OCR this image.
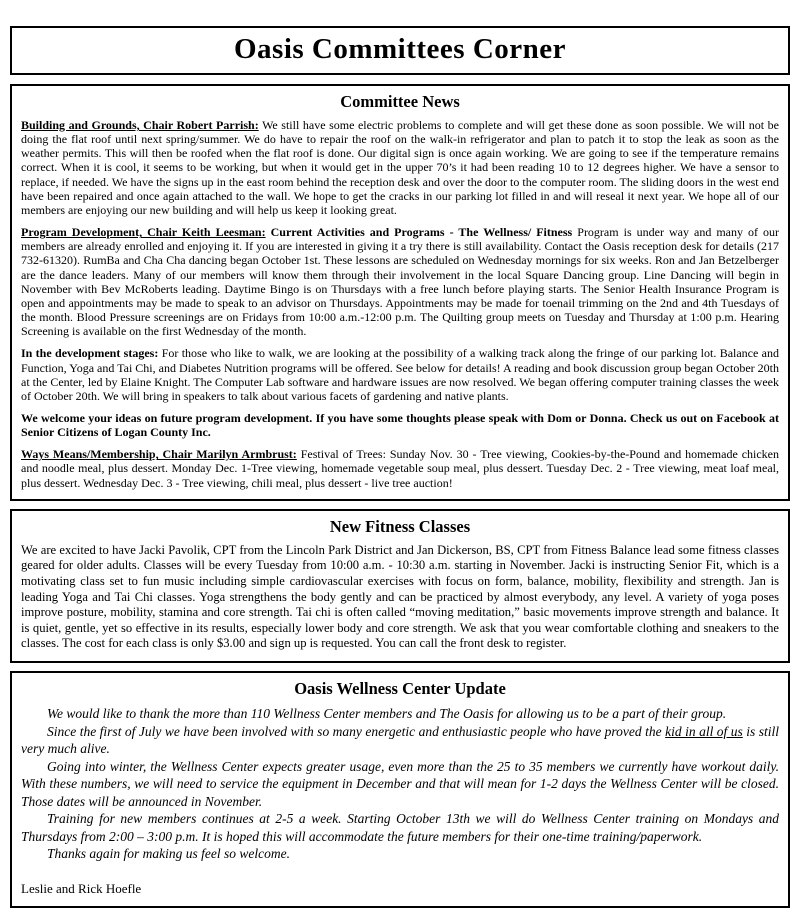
Oasis Committees Corner
Committee News

Building and Grounds, Chair Robert Parrish: We still have some electric problems to complete and will get these done as soon possible. We will not be doing the flat roof until next spring/summer. We do have to repair the roof on the walk-in refrigerator and plan to patch it to stop the leak as soon as the weather permits. This will then be roofed when the flat roof is done. Our digital sign is once again working. We are going to see if the temperature remains correct. When it is cool, it seems to be working, but when it would get in the upper 70’s it had been reading 10 to 12 degrees higher. We have a sensor to replace, if needed. We have the signs up in the east room behind the reception desk and over the door to the computer room. The sliding doors in the west end have been repaired and once again attached to the wall. We hope to get the cracks in our parking lot filled in and will reseal it next year. We hope all of our members are enjoying our new building and will help us keep it looking great.

Program Development, Chair Keith Leesman: Current Activities and Programs - The Wellness/ Fitness Program is under way and many of our members are already enrolled and enjoying it. If you are interested in giving it a try there is still availability. Contact the Oasis reception desk for details (217 732-61320). RumBa and Cha Cha dancing began October 1st. These lessons are scheduled on Wednesday mornings for six weeks. Ron and Jan Betzelberger are the dance leaders. Many of our members will know them through their involvement in the local Square Dancing group. Line Dancing will begin in November with Bev McRoberts leading. Daytime Bingo is on Thursdays with a free lunch before playing starts. The Senior Health Insurance Program is open and appointments may be made to speak to an advisor on Thursdays. Appointments may be made for toenail trimming on the 2nd and 4th Tuesdays of the month. Blood Pressure screenings are on Fridays from 10:00 a.m.-12:00 p.m. The Quilting group meets on Tuesday and Thursday at 1:00 p.m. Hearing Screening is available on the first Wednesday of the month.

In the development stages: For those who like to walk, we are looking at the possibility of a walking track along the fringe of our parking lot. Balance and Function, Yoga and Tai Chi, and Diabetes Nutrition programs will be offered. See below for details! A reading and book discussion group began October 20th at the Center, led by Elaine Knight. The Computer Lab software and hardware issues are now resolved. We began offering computer training classes the week of October 20th. We will bring in speakers to talk about various facets of gardening and native plants.

We welcome your ideas on future program development. If you have some thoughts please speak with Dom or Donna. Check us out on Facebook at Senior Citizens of Logan County Inc.

Ways Means/Membership, Chair Marilyn Armbrust: Festival of Trees: Sunday Nov. 30 - Tree viewing, Cookies-by-the-Pound and homemade chicken and noodle meal, plus dessert. Monday Dec. 1-Tree viewing, homemade vegetable soup meal, plus dessert. Tuesday Dec. 2 - Tree viewing, meat loaf meal, plus dessert. Wednesday Dec. 3 - Tree viewing, chili meal, plus dessert - live tree auction!

New Fitness Classes

We are excited to have Jacki Pavolik, CPT from the Lincoln Park District and Jan Dickerson, BS, CPT from Fitness Balance lead some fitness classes geared for older adults. Classes will be every Tuesday from 10:00 a.m. - 10:30 a.m. starting in November. Jacki is instructing Senior Fit, which is a motivating class set to fun music including simple cardiovascular exercises with focus on form, balance, mobility, flexibility and strength. Jan is leading Yoga and Tai Chi classes. Yoga strengthens the body gently and can be practiced by almost everybody, any level. A variety of yoga poses improve posture, mobility, stamina and core strength. Tai chi is often called “moving meditation,” basic movements improve strength and balance. It is quiet, gentle, yet so effective in its results, especially lower body and core strength. We ask that you wear comfortable clothing and sneakers to the classes. The cost for each class is only $3.00 and sign up is requested. You can call the front desk to register.

Oasis Wellness Center Update

We would like to thank the more than 110 Wellness Center members and The Oasis for allowing us to be a part of their group.

Since the first of July we have been involved with so many energetic and enthusiastic people who have proved the kid in all of us is still very much alive.

Going into winter, the Wellness Center expects greater usage, even more than the 25 to 35 members we currently have workout daily. With these numbers, we will need to service the equipment in December and that will mean for 1-2 days the Wellness Center will be closed. Those dates will be announced in November.

Training for new members continues at 2-5 a week. Starting October 13th we will do Wellness Center training on Mondays and Thursdays from 2:00 – 3:00 p.m. It is hoped this will accommodate the future members for their one-time training/paperwork.

Thanks again for making us feel so welcome.

Leslie and Rick Hoefle
